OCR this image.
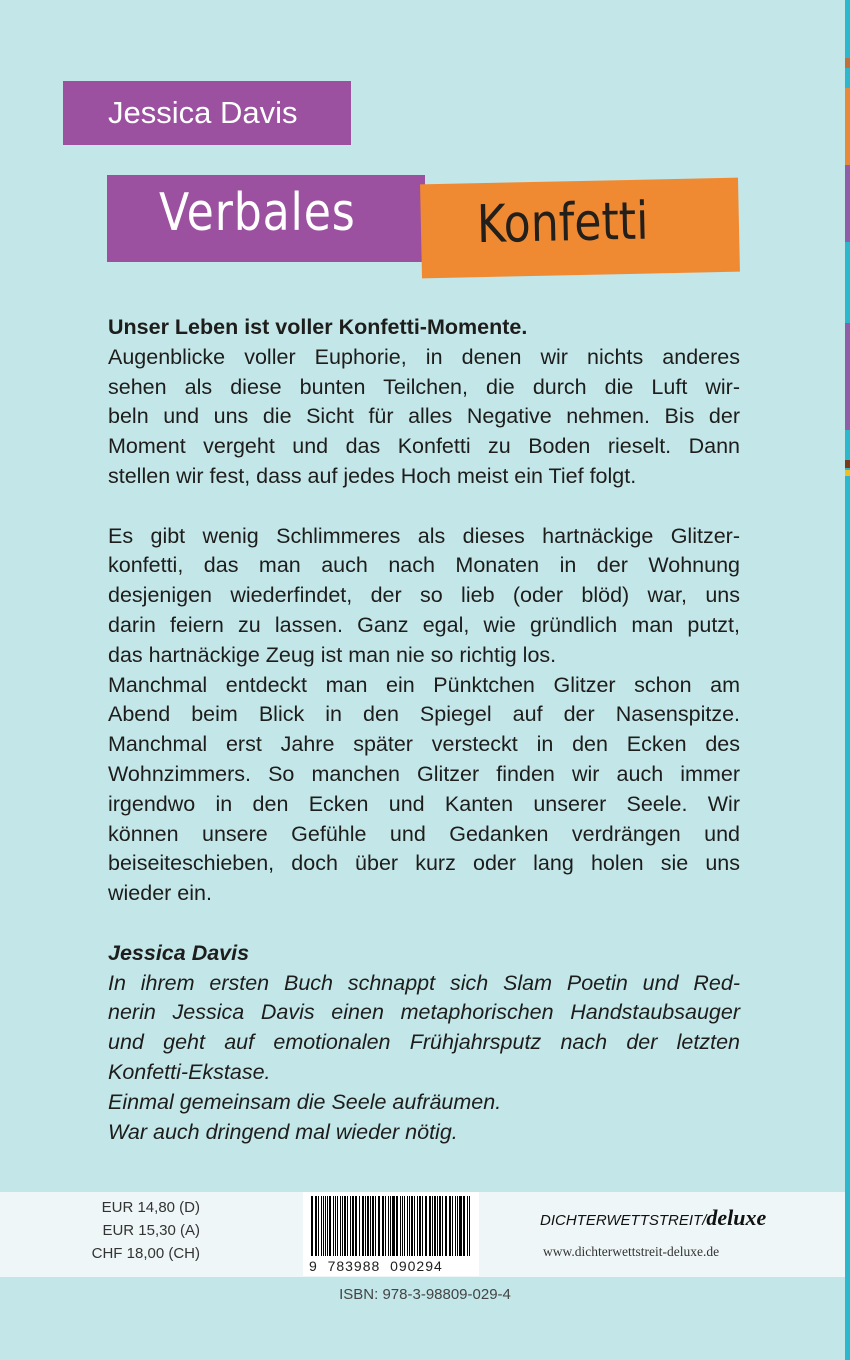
Jessica Davis
Verbales Konfetti
Unser Leben ist voller Konfetti-Momente.
Augenblicke voller Euphorie, in denen wir nichts anderes
sehen als diese bunten Teilchen, die durch die Luft wir-
beln und uns die Sicht für alles Negative nehmen. Bis der
Moment vergeht und das Konfetti zu Boden rieselt. Dann
stellen wir fest, dass auf jedes Hoch meist ein Tief folgt.
Es gibt wenig Schlimmeres als dieses hartnäckige Glitzer-
konfetti, das man auch nach Monaten in der Wohnung
desjenigen wiederfindet, der so lieb (oder blöd) war, uns
darin feiern zu lassen. Ganz egal, wie gründlich man putzt,
das hartnäckige Zeug ist man nie so richtig los.
Manchmal entdeckt man ein Pünktchen Glitzer schon am
Abend beim Blick in den Spiegel auf der Nasenspitze.
Manchmal erst Jahre später versteckt in den Ecken des
Wohnzimmers. So manchen Glitzer finden wir auch immer
irgendwo in den Ecken und Kanten unserer Seele. Wir
können unsere Gefühle und Gedanken verdrängen und
beiseiteschieben, doch über kurz oder lang holen sie uns
wieder ein.
Jessica Davis
In ihrem ersten Buch schnappt sich Slam Poetin und Red-
nerin Jessica Davis einen metaphorischen Handstaubsauger
und geht auf emotionalen Frühjahrsputz nach der letzten
Konfetti-Ekstase.
Einmal gemeinsam die Seele aufräumen.
War auch dringend mal wieder nötig.
EUR 14,80 (D)
EUR 15,30 (A)
CHF 18,00 (CH)
9 783988 090294
DICHTERWETTSTREIT/deluxe
www.dichterwettstreit-deluxe.de
ISBN: 978-3-98809-029-4
